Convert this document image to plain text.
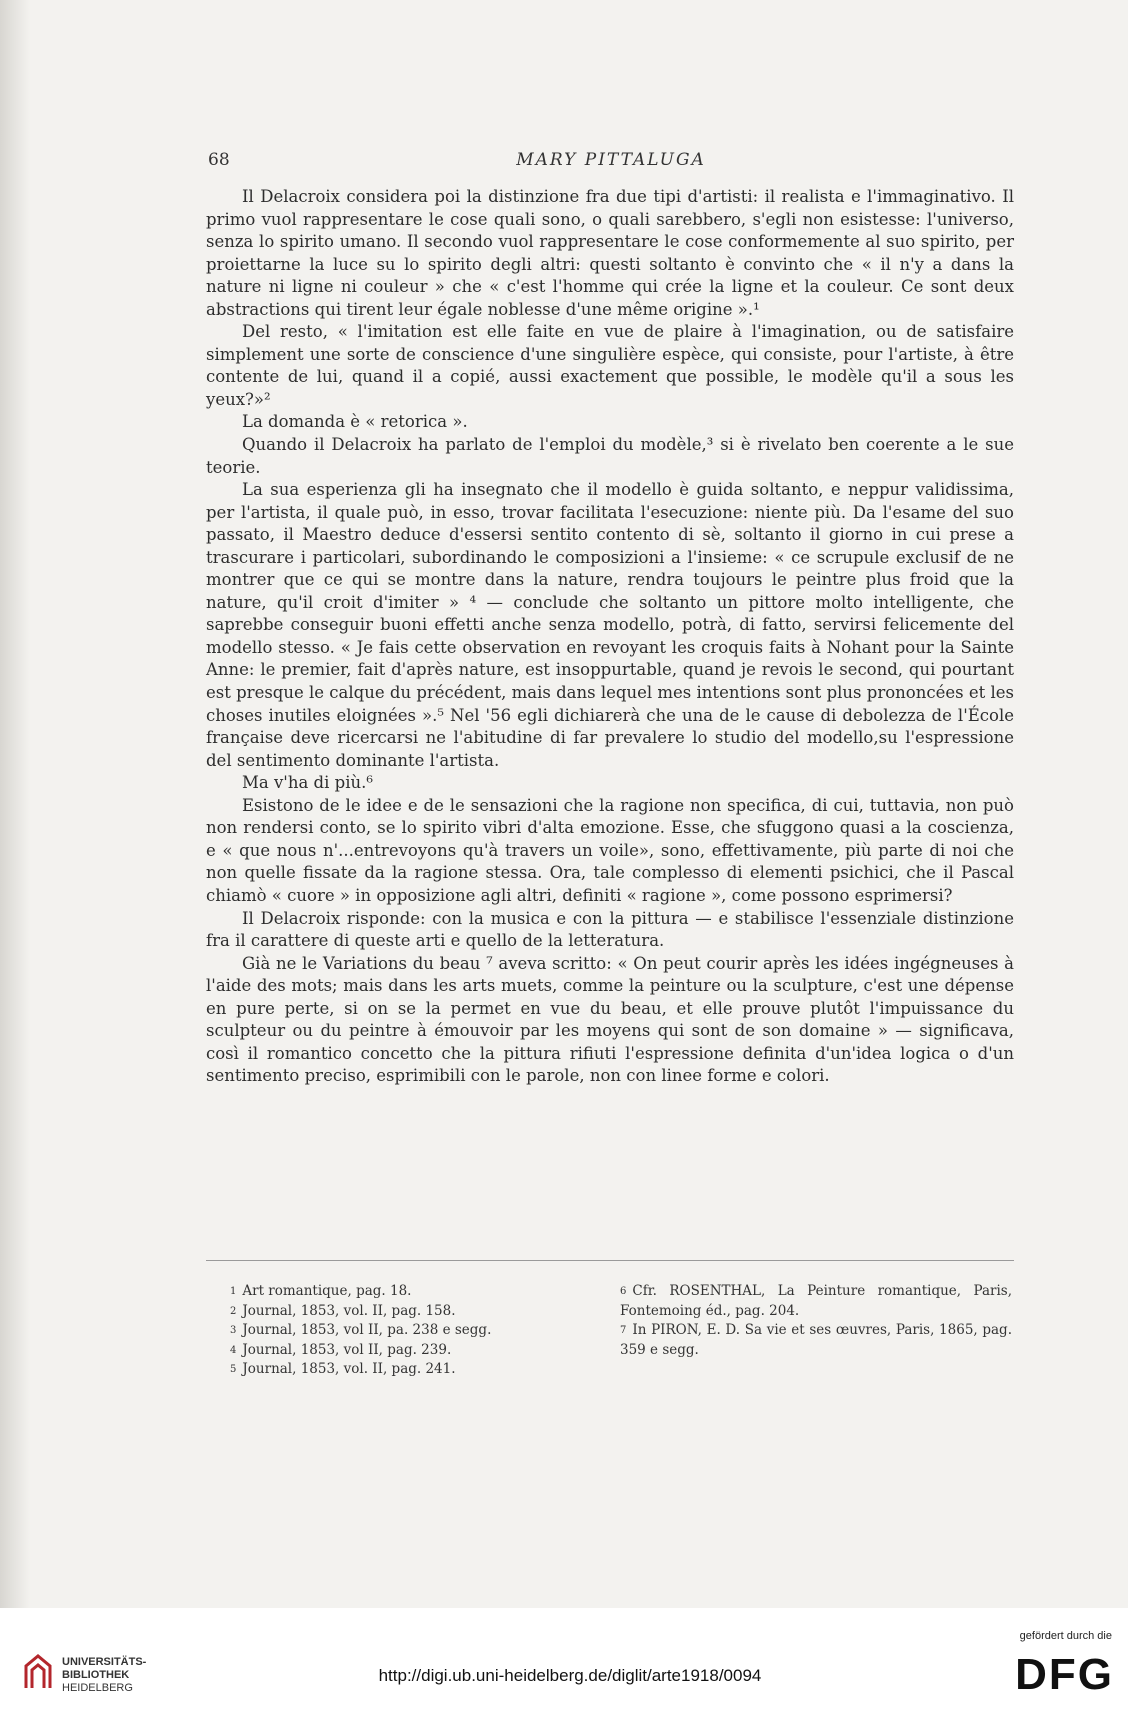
68	MARY PITTALUGA

Il Delacroix considera poi la distinzione fra due tipi d'artisti: il realista e l'immaginativo. Il primo vuol rappresentare le cose quali sono, o quali sarebbero, s'egli non esistesse: l'universo, senza lo spirito umano. Il secondo vuol rappresentare le cose conformemente al suo spirito, per proiettarne la luce su lo spirito degli altri: questi soltanto è convinto che « il n'y a dans la nature ni ligne ni couleur » che « c'est l'homme qui crée la ligne et la couleur. Ce sont deux abstractions qui tirent leur égale noblesse d'une même origine ».¹

Del resto, « l'imitation est elle faite en vue de plaire à l'imagination, ou de satisfaire simplement une sorte de conscience d'une singulière espèce, qui consiste, pour l'artiste, à être contente de lui, quand il a copié, aussi exactement que possible, le modèle qu'il a sous les yeux?»²

La domanda è « retorica ».

Quando il Delacroix ha parlato de l'emploi du modèle,³ si è rivelato ben coerente a le sue teorie.

La sua esperienza gli ha insegnato che il modello è guida soltanto, e neppur validissima, per l'artista, il quale può, in esso, trovar facilitata l'esecuzione: niente più. Da l'esame del suo passato, il Maestro deduce d'essersi sentito contento di sè, soltanto il giorno in cui prese a trascurare i particolari, subordinando le composizioni a l'insieme: « ce scrupule exclusif de ne montrer que ce qui se montre dans la nature, rendra toujours le peintre plus froid que la nature, qu'il croit d'imiter » ⁴ — conclude che soltanto un pittore molto intelligente, che saprebbe conseguir buoni effetti anche senza modello, potrà, di fatto, servirsi felicemente del modello stesso. « Je fais cette observation en revoyant les croquis faits à Nohant pour la Sainte Anne: le premier, fait d'après nature, est insoppurtable, quand je revois le second, qui pourtant est presque le calque du précédent, mais dans lequel mes intentions sont plus prononcées et les choses inutiles eloignées ».⁵ Nel '56 egli dichiarerà che una de le cause di debolezza de l'École française deve ricercarsi ne l'abitudine di far prevalere lo studio del modello,su l'espressione del sentimento dominante l'artista.

Ma v'ha di più.⁶

Esistono de le idee e de le sensazioni che la ragione non specifica, di cui, tuttavia, non può non rendersi conto, se lo spirito vibri d'alta emozione. Esse, che sfuggono quasi a la coscienza, e « que nous n'...entrevoyons qu'à travers un voile», sono, effettivamente, più parte di noi che non quelle fissate da la ragione stessa. Ora, tale complesso di elementi psichici, che il Pascal chiamò « cuore » in opposizione agli altri, definiti « ragione », come possono esprimersi?

Il Delacroix risponde: con la musica e con la pittura — e stabilisce l'essenziale distinzione fra il carattere di queste arti e quello de la letteratura.

Già ne le Variations du beau ⁷ aveva scritto: « On peut courir après les idées ingégneuses à l'aide des mots; mais dans les arts muets, comme la peinture ou la sculpture, c'est une dépense en pure perte, si on se la permet en vue du beau, et elle prouve plutôt l'impuissance du sculpteur ou du peintre à émouvoir par les moyens qui sont de son domaine » — significava, così il romantico concetto che la pittura rifiuti l'espressione definita d'un'idea logica o d'un sentimento preciso, esprimibili con le parole, non con linee forme e colori.

$^1$ Art romantique, pag. 18.

$^2$ Journal, 1853, vol. II, pag. 158.

$^3$ Journal, 1853, vol II, pa. 238 e segg.

$^4$ Journal, 1853, vol II, pag. 239.

$^5$ Journal, 1853, vol. II, pag. 241.

$^6$ Cfr. ROSENTHAL, La Peinture romantique, Paris, Fontemoing éd., pag. 204.

$^7$ In PIRON, E. D. Sa vie et ses œuvres, Paris, 1865, pag. 359 e segg.

UNIVERSITÄTS-
BIBLIOTHEK
HEIDELBERG
http://digi.ub.uni-heidelberg.de/diglit/arte1918/0094
gefördert durch die
DFG
